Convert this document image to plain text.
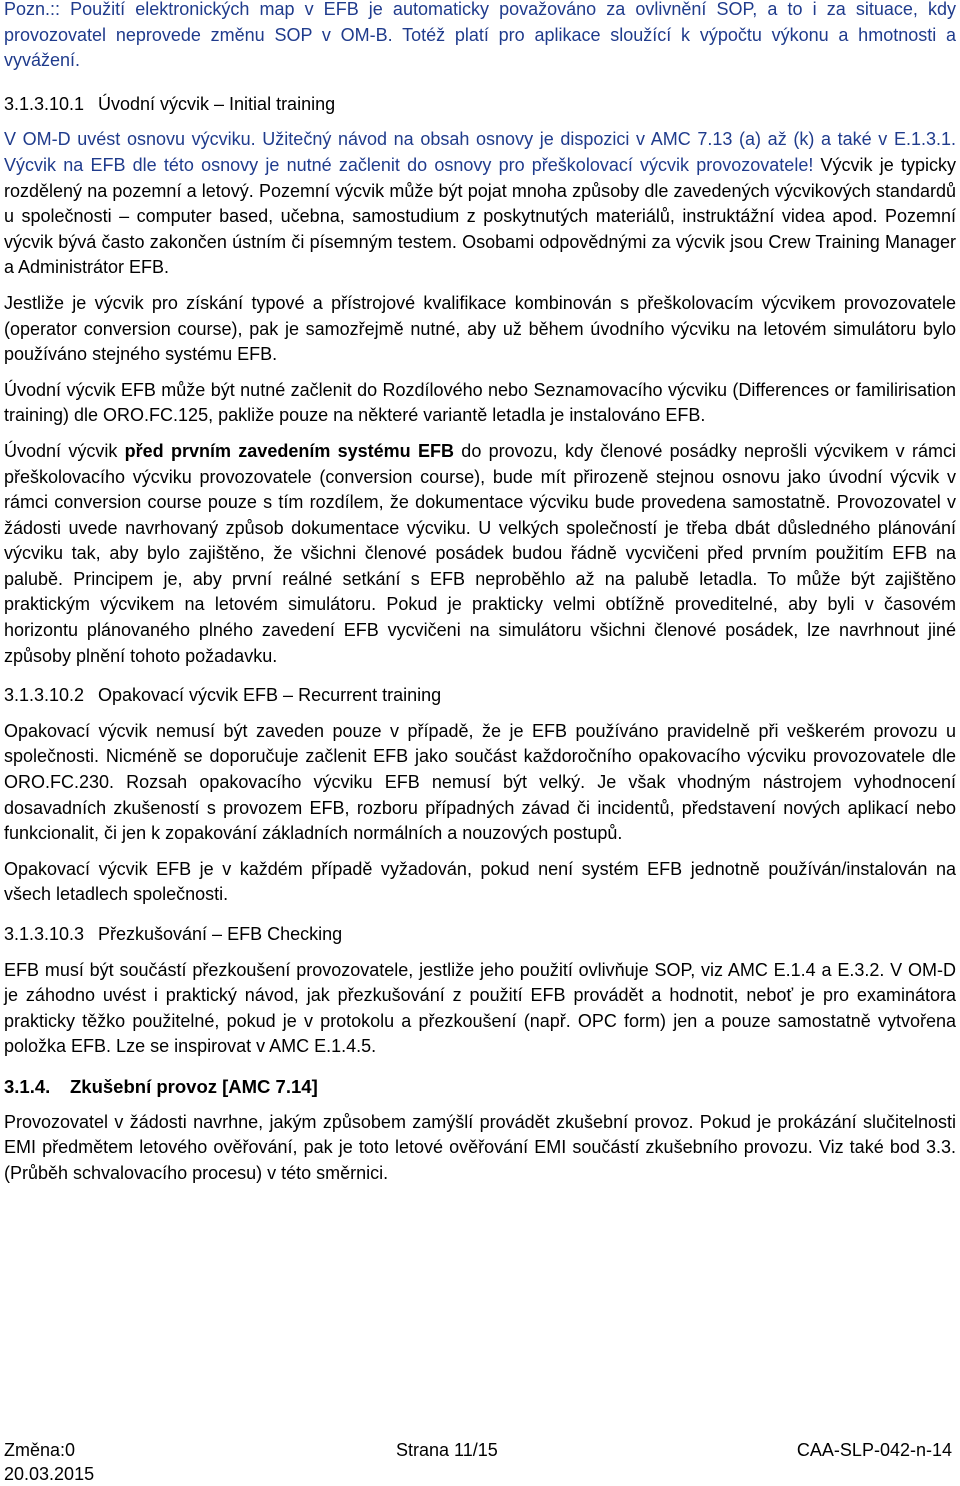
Pozn.:: Použití elektronických map v EFB je automaticky považováno za ovlivnění SOP, a to i za situace, kdy provozovatel neprovede změnu SOP v OM-B. Totéž platí pro aplikace sloužící k výpočtu výkonu a hmotnosti a vyvážení.

3.1.3.10.1 Úvodní výcvik – Initial training

V OM-D uvést osnovu výcviku. Užitečný návod na obsah osnovy je dispozici v AMC 7.13 (a) až (k) a také v E.1.3.1. Výcvik na EFB dle této osnovy je nutné začlenit do osnovy pro přeškolovací výcvik provozovatele! Výcvik je typicky rozdělený na pozemní a letový. Pozemní výcvik může být pojat mnoha způsoby dle zavedených výcvikových standardů u společnosti – computer based, učebna, samostudium z poskytnutých materiálů, instruktážní videa apod. Pozemní výcvik bývá často zakončen ústním či písemným testem. Osobami odpovědnými za výcvik jsou Crew Training Manager a Administrátor EFB.

Jestliže je výcvik pro získání typové a přístrojové kvalifikace kombinován s přeškolovacím výcvikem provozovatele (operator conversion course), pak je samozřejmě nutné, aby už během úvodního výcviku na letovém simulátoru bylo používáno stejného systému EFB.

Úvodní výcvik EFB může být nutné začlenit do Rozdílového nebo Seznamovacího výcviku (Differences or familirisation training) dle ORO.FC.125, pakliže pouze na některé variantě letadla je instalováno EFB.

Úvodní výcvik před prvním zavedením systému EFB do provozu, kdy členové posádky neprošli výcvikem v rámci přeškolovacího výcviku provozovatele (conversion course), bude mít přirozeně stejnou osnovu jako úvodní výcvik v rámci conversion course pouze s tím rozdílem, že dokumentace výcviku bude provedena samostatně. Provozovatel v žádosti uvede navrhovaný způsob dokumentace výcviku. U velkých společností je třeba dbát důsledného plánování výcviku tak, aby bylo zajištěno, že všichni členové posádek budou řádně vycvičeni před prvním použitím EFB na palubě. Principem je, aby první reálné setkání s EFB neproběhlo až na palubě letadla. To může být zajištěno praktickým výcvikem na letovém simulátoru. Pokud je prakticky velmi obtížně proveditelné, aby byli v časovém horizontu plánovaného plného zavedení EFB vycvičeni na simulátoru všichni členové posádek, lze navrhnout jiné způsoby plnění tohoto požadavku.

3.1.3.10.2 Opakovací výcvik EFB – Recurrent training

Opakovací výcvik nemusí být zaveden pouze v případě, že je EFB používáno pravidelně při veškerém provozu u společnosti. Nicméně se doporučuje začlenit EFB jako součást každoročního opakovacího výcviku provozovatele dle ORO.FC.230. Rozsah opakovacího výcviku EFB nemusí být velký. Je však vhodným nástrojem vyhodnocení dosavadních zkušeností s provozem EFB, rozboru případných závad či incidentů, představení nových aplikací nebo funkcionalit, či jen k zopakování základních normálních a nouzových postupů.

Opakovací výcvik EFB je v každém případě vyžadován, pokud není systém EFB jednotně používán/instalován na všech letadlech společnosti.

3.1.3.10.3 Přezkušování – EFB Checking

EFB musí být součástí přezkoušení provozovatele, jestliže jeho použití ovlivňuje SOP, viz AMC E.1.4 a E.3.2. V OM-D je záhodno uvést i praktický návod, jak přezkušování z použití EFB provádět a hodnotit, neboť je pro examinátora prakticky těžko použitelné, pokud je v protokolu a přezkoušení (např. OPC form) jen a pouze samostatně vytvořena položka EFB. Lze se inspirovat v AMC E.1.4.5.

3.1.4. Zkušební provoz [AMC 7.14]

Provozovatel v žádosti navrhne, jakým způsobem zamýšlí provádět zkušební provoz. Pokud je prokázání slučitelnosti EMI předmětem letového ověřování, pak je toto letové ověřování EMI součástí zkušebního provozu. Viz také bod 3.3. (Průběh schvalovacího procesu) v této směrnici.

Změna:0
20.03.2015
Strana 11/15	CAA-SLP-042-n-14
